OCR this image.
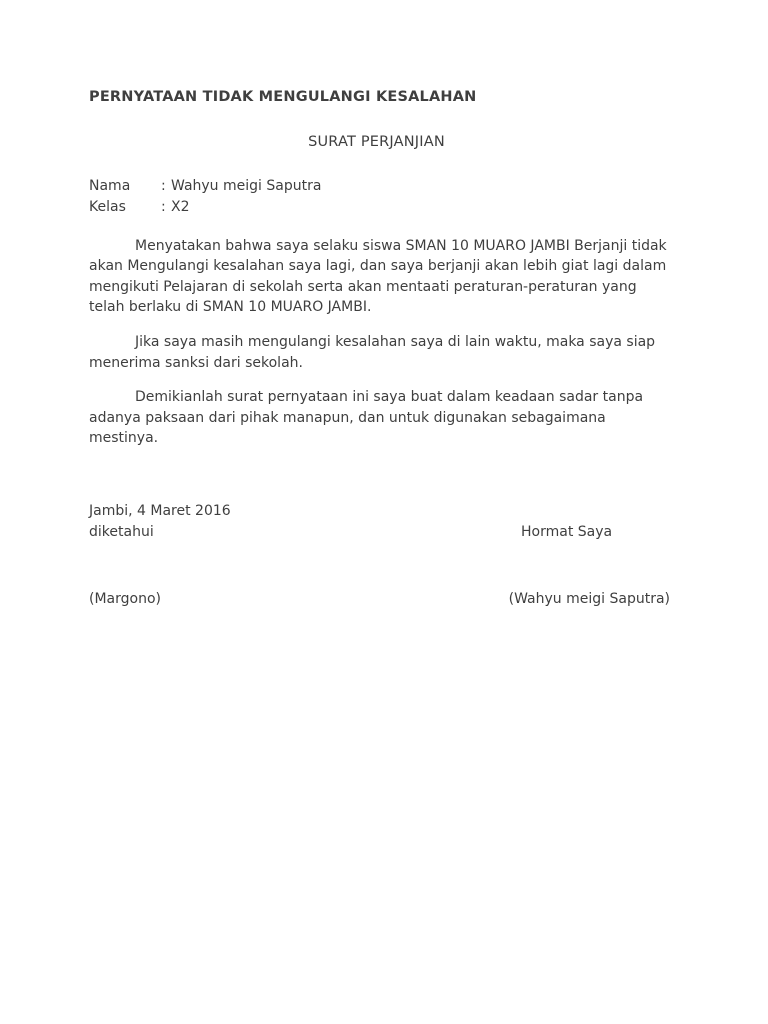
PERNYATAAN TIDAK MENGULANGI KESALAHAN
SURAT PERJANJIAN
Nama	: Wahyu meigi Saputra
Kelas	: X2

Menyatakan bahwa saya selaku siswa SMAN 10 MUARO JAMBI Berjanji tidak akan Mengulangi kesalahan saya lagi, dan saya berjanji akan lebih giat lagi dalam mengikuti Pelajaran di sekolah serta akan mentaati peraturan-peraturan yang telah berlaku di SMAN 10 MUARO JAMBI.

Jika saya masih mengulangi kesalahan saya di lain waktu, maka saya siap menerima sanksi dari sekolah.

Demikianlah surat pernyataan ini saya buat dalam keadaan sadar tanpa adanya paksaan dari pihak manapun, dan untuk digunakan sebagaimana mestinya.

Jambi, 4 Maret 2016
diketahui	Hormat Saya
(Margono)	(Wahyu meigi Saputra)
